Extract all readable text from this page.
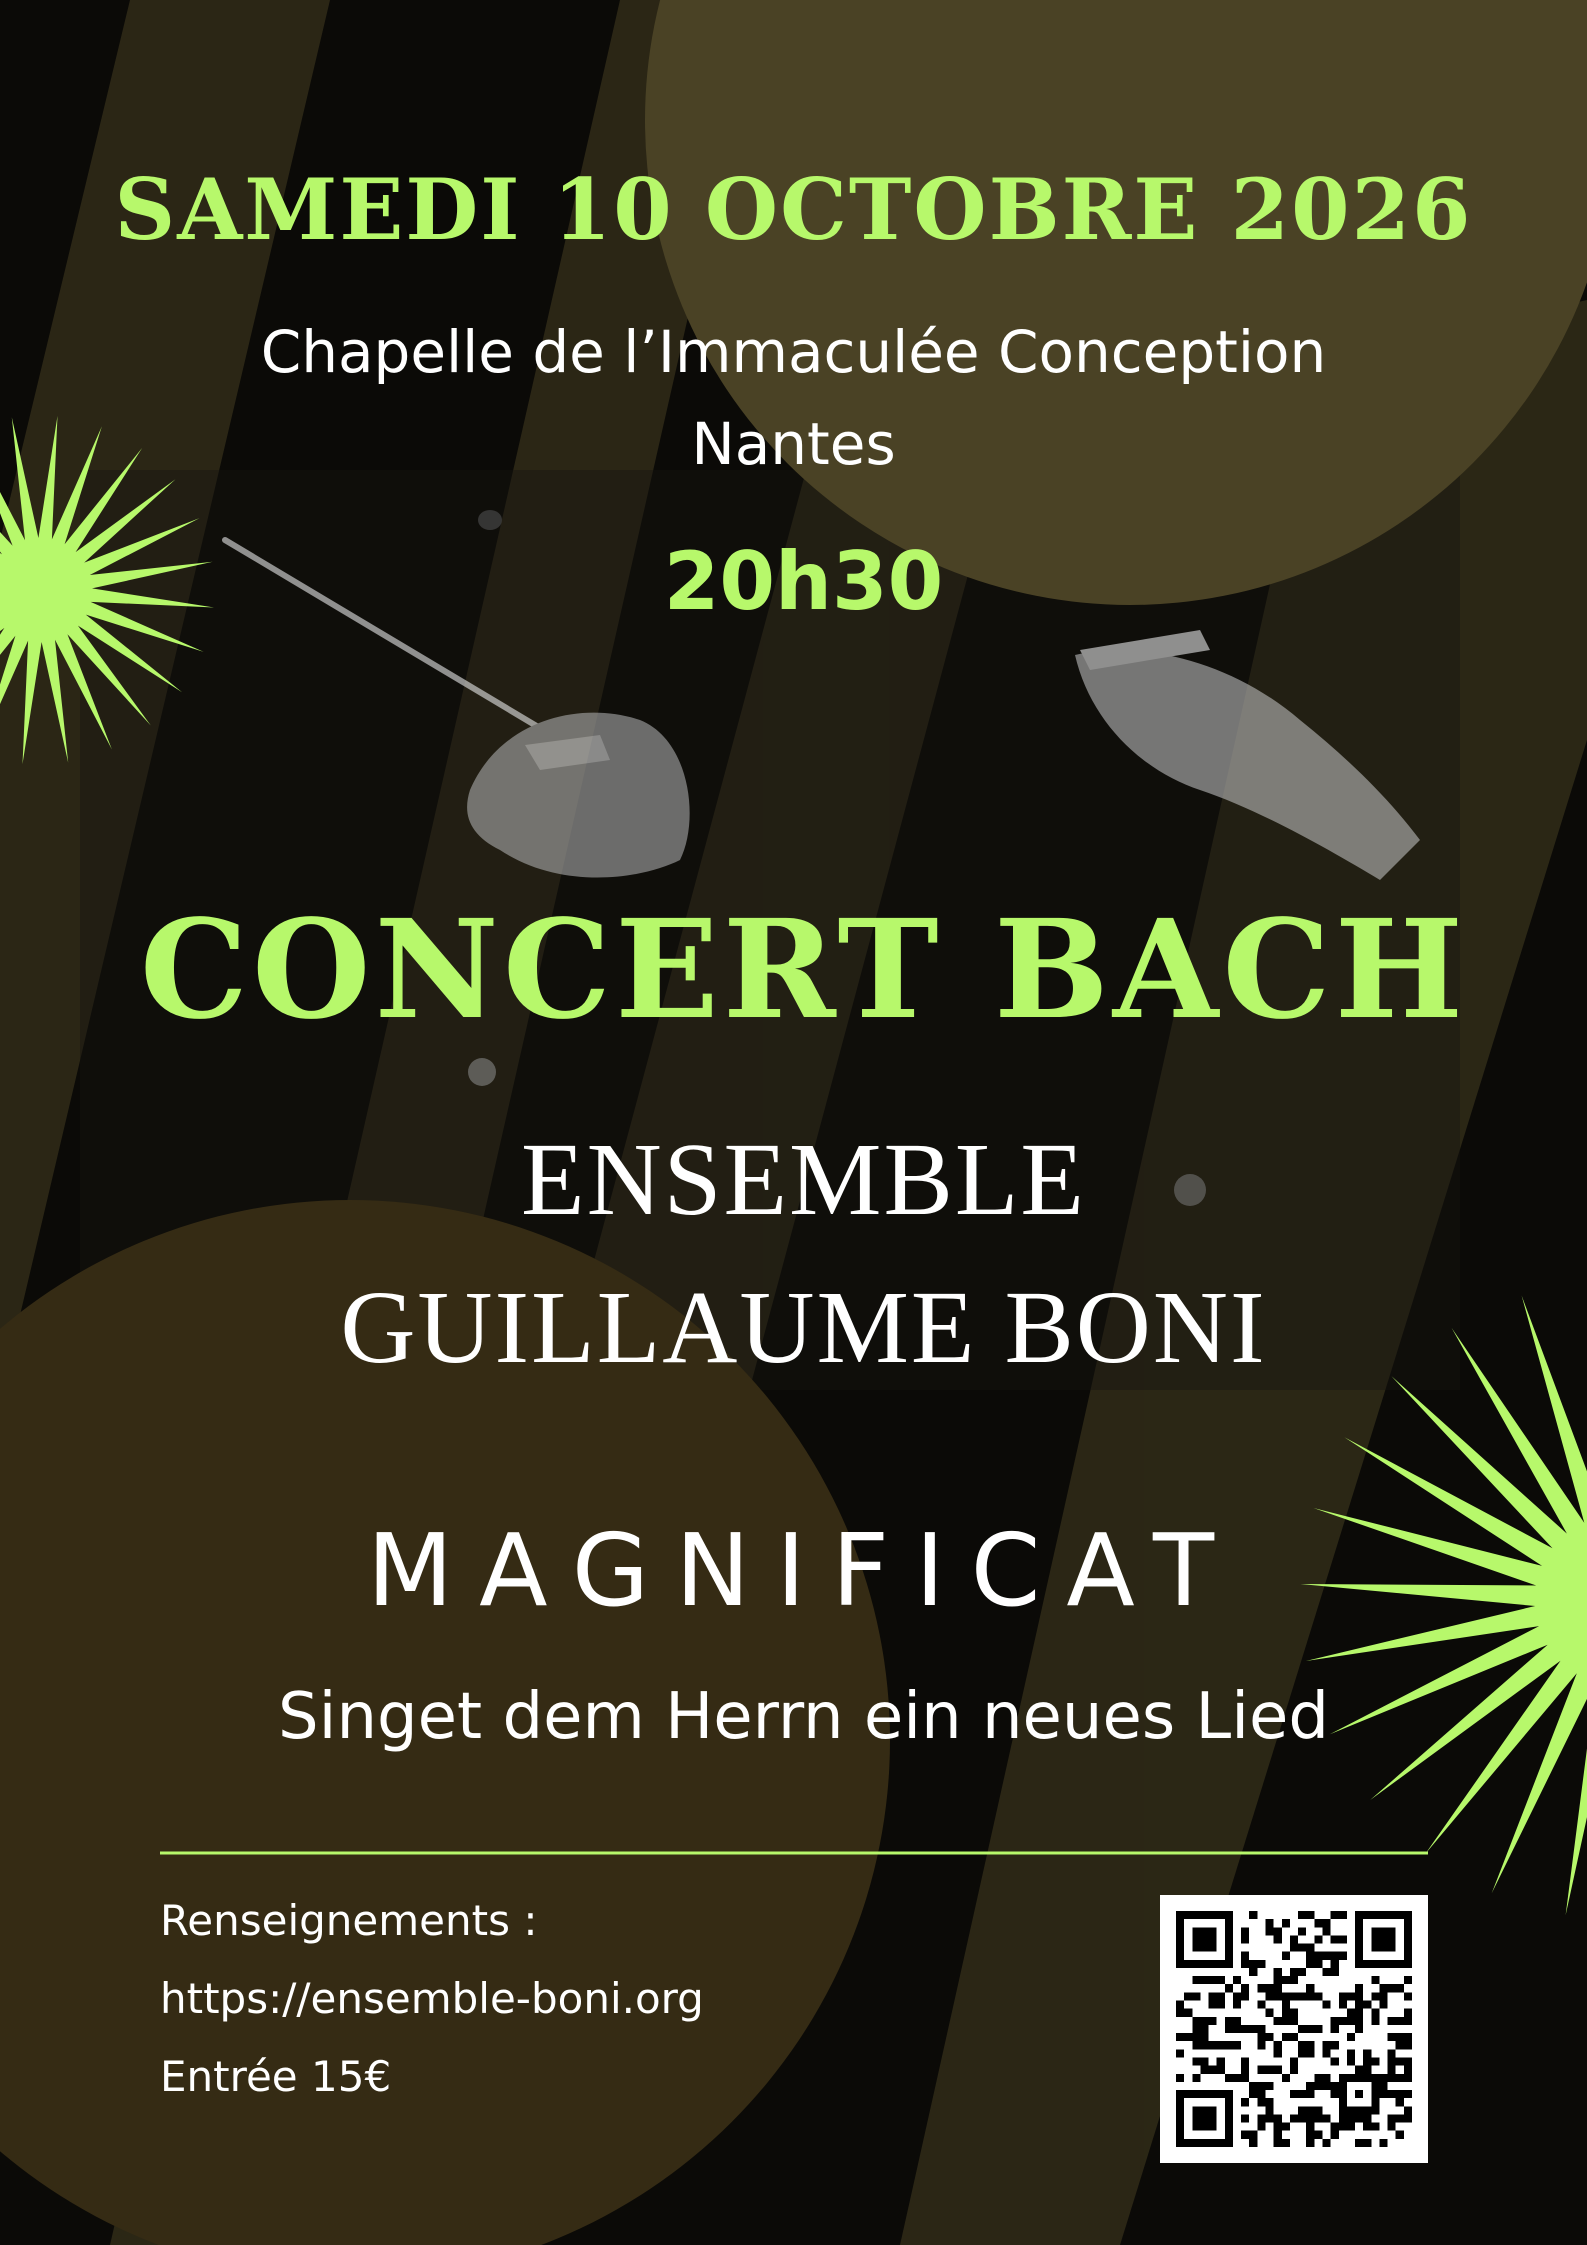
SAMEDI 10 OCTOBRE 2026

Chapelle de l’Immaculée Conception

Nantes

20h30

CONCERT BACH

ENSEMBLE

GUILLAUME BONI

MAGNIFICAT

Singet dem Herrn ein neues Lied

Renseignements :

https://ensemble-boni.org

Entrée 15€
